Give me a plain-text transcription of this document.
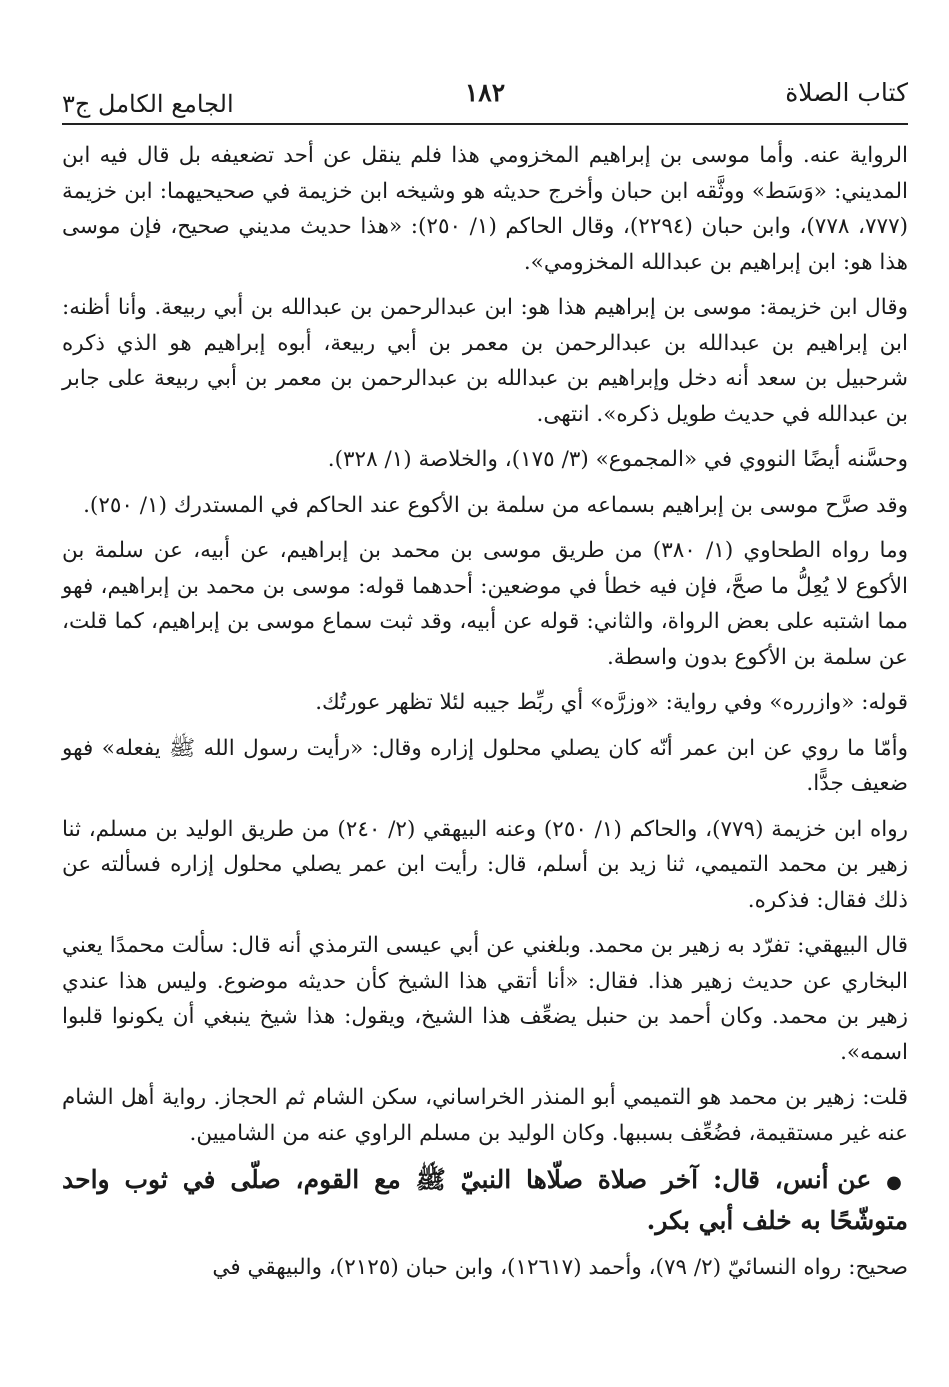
كتاب الصلاة
١٨٢
الجامع الكامل ج٣

الرواية عنه. وأما موسى بن إبراهيم المخزومي هذا فلم ينقل عن أحد تضعيفه بل قال فيه ابن المديني: «وَسَط» ووثَّقه ابن حبان وأخرج حديثه هو وشيخه ابن خزيمة في صحيحيهما: ابن خزيمة (٧٧٧، ٧٧٨)، وابن حبان (٢٢٩٤)، وقال الحاكم (١/ ٢٥٠): «هذا حديث مديني صحيح، فإن موسى هذا هو: ابن إبراهيم بن عبدالله المخزومي».

وقال ابن خزيمة: موسى بن إبراهيم هذا هو: ابن عبدالرحمن بن عبدالله بن أبي ربيعة. وأنا أظنه: ابن إبراهيم بن عبدالله بن عبدالرحمن بن معمر بن أبي ربيعة، أبوه إبراهيم هو الذي ذكره شرحبيل بن سعد أنه دخل وإبراهيم بن عبدالله بن عبدالرحمن بن معمر بن أبي ربيعة على جابر بن عبدالله في حديث طويل ذكره». انتهى.

وحسَّنه أيضًا النووي في «المجموع» (٣/ ١٧٥)، والخلاصة (١/ ٣٢٨).

وقد صرَّح موسى بن إبراهيم بسماعه من سلمة بن الأكوع عند الحاكم في المستدرك (١/ ٢٥٠).

وما رواه الطحاوي (١/ ٣٨٠) من طريق موسى بن محمد بن إبراهيم، عن أبيه، عن سلمة بن الأكوع لا يُعِلُّ ما صحَّ، فإن فيه خطأ في موضعين: أحدهما قوله: موسى بن محمد بن إبراهيم، فهو مما اشتبه على بعض الرواة، والثاني: قوله عن أبيه، وقد ثبت سماع موسى بن إبراهيم، كما قلت، عن سلمة بن الأكوع بدون واسطة.

قوله: «وازرره» وفي رواية: «وزرَّه» أي ربِّط جيبه لئلا تظهر عورتُك.

وأمّا ما روي عن ابن عمر أنّه كان يصلي محلول إزاره وقال: «رأيت رسول الله ﷺ يفعله» فهو ضعيف جدًّا.

رواه ابن خزيمة (٧٧٩)، والحاكم (١/ ٢٥٠) وعنه البيهقي (٢/ ٢٤٠) من طريق الوليد بن مسلم، ثنا زهير بن محمد التميمي، ثنا زيد بن أسلم، قال: رأيت ابن عمر يصلي محلول إزاره فسألته عن ذلك فقال: فذكره.

قال البيهقي: تفرّد به زهير بن محمد. وبلغني عن أبي عيسى الترمذي أنه قال: سألت محمدًا يعني البخاري عن حديث زهير هذا. فقال: «أنا أتقي هذا الشيخ كأن حديثه موضوع. وليس هذا عندي زهير بن محمد. وكان أحمد بن حنبل يضعِّف هذا الشيخ، ويقول: هذا شيخ ينبغي أن يكونوا قلبوا اسمه».

قلت: زهير بن محمد هو التميمي أبو المنذر الخراساني، سكن الشام ثم الحجاز. رواية أهل الشام عنه غير مستقيمة، فضُعِّف بسببها. وكان الوليد بن مسلم الراوي عنه من الشاميين.

● عن أنس، قال: آخر صلاة صلّاها النبيّ ﷺ مع القوم، صلّى في ثوب واحد متوشّحًا به خلف أبي بكر.

صحيح: رواه النسائيّ (٢/ ٧٩)، وأحمد (١٢٦١٧)، وابن حبان (٢١٢٥)، والبيهقي في
